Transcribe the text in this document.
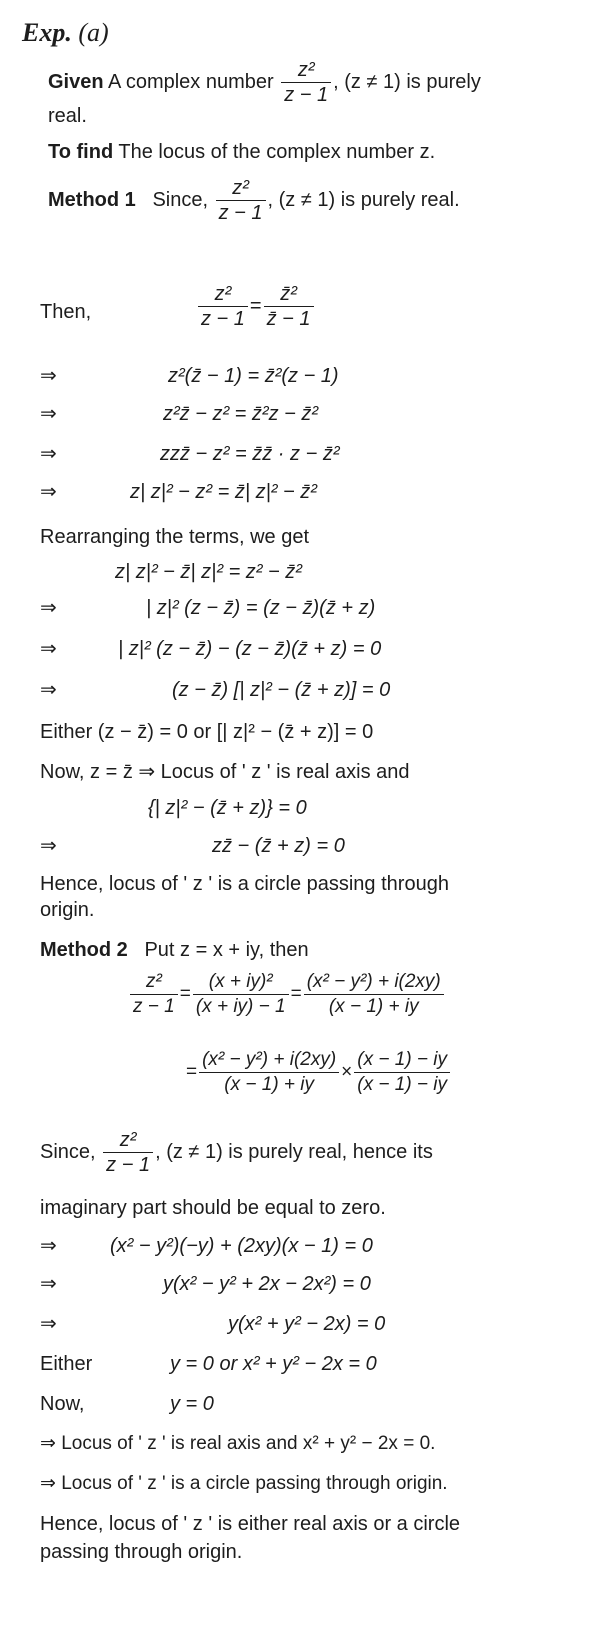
Exp. (a)
Given A complex number $\frac{\text{z²}}{z - 1}$ , (z ≠ 1) is purely
real.
To find The locus of the complex number z.
Method 1 Since, $\frac{\text{z²}}{z - 1}$ , (z ≠ 1) is purely real.
Then,	$\frac{\text{z²}}{z - 1} = \frac{\text{z̄²}}{z̄ - 1}$
⇒	z²(z̄ − 1) = z̄²(z − 1)
⇒	z²z̄ − z² = z̄²z − z̄²
⇒	zzz̄ − z² = z̄z̄ · z − z̄²
⇒	z| z|² − z² = z̄| z|² − z̄²
Rearranging the terms, we get
z| z|² − z̄| z|² = z² − z̄²
⇒	| z|² (z − z̄) = (z − z̄)(z̄ + z)
⇒	| z|² (z − z̄) − (z − z̄)(z̄ + z) = 0
⇒	(z − z̄) [| z|² − (z̄ + z)] = 0
Either (z − z̄) = 0 or [| z|² − (z̄ + z)] = 0
Now, z = z̄ ⇒ Locus of ' z ' is real axis and
{| z|² − (z̄ + z)} = 0
⇒	zz̄ − (z̄ + z) = 0
Hence, locus of ' z ' is a circle passing through
origin.
Method 2 Put z = x + iy, then
$\frac{\text{z²}}{z - 1} = \frac{\text{(x + iy)²}}{(x + iy) - 1} = \frac{\text{(x² − y²) + i(2xy)}}{(x - 1) + iy}$
= $\frac{\text{(x² − y²) + i(2xy)}}{(x - 1) + iy} \times \frac{(x - 1) - iy}{(x - 1) - iy}$
Since, $\frac{\text{z²}}{z - 1}$ , (z ≠ 1) is purely real, hence its
imaginary part should be equal to zero.
⇒	(x² − y²)(−y) + (2xy)(x − 1) = 0
⇒	y(x² − y² + 2x − 2x²) = 0
⇒	y(x² + y² − 2x) = 0
Either	y = 0 or x² + y² − 2x = 0
Now,	y = 0
⇒ Locus of ' z ' is real axis and x² + y² − 2x = 0.
⇒ Locus of ' z ' is a circle passing through origin.
Hence, locus of ' z ' is either real axis or a circle
passing through origin.
